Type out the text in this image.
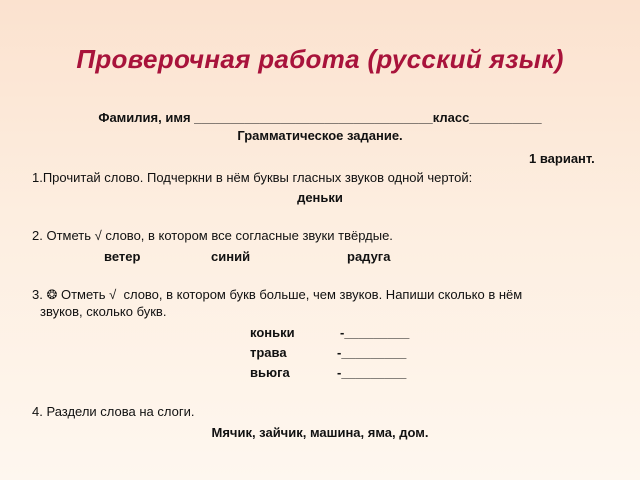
Проверочная работа (русский язык)
Фамилия, имя _________________________________класс__________
Грамматическое задание.
1 вариант.
1.Прочитай слово. Подчеркни в нём буквы гласных звуков одной чертой:
деньки
2. Отметь √ слово, в котором все согласные звуки твёрдые.
ветер	синий	радуга
3. ❂ Отметь √  слово, в котором букв больше, чем звуков. Напиши сколько в нём
звуков, сколько букв.
коньки	-_________
трава	-_________
вьюга	-_________
4. Раздели слова на слоги.
Мячик, зайчик, машина, яма, дом.
